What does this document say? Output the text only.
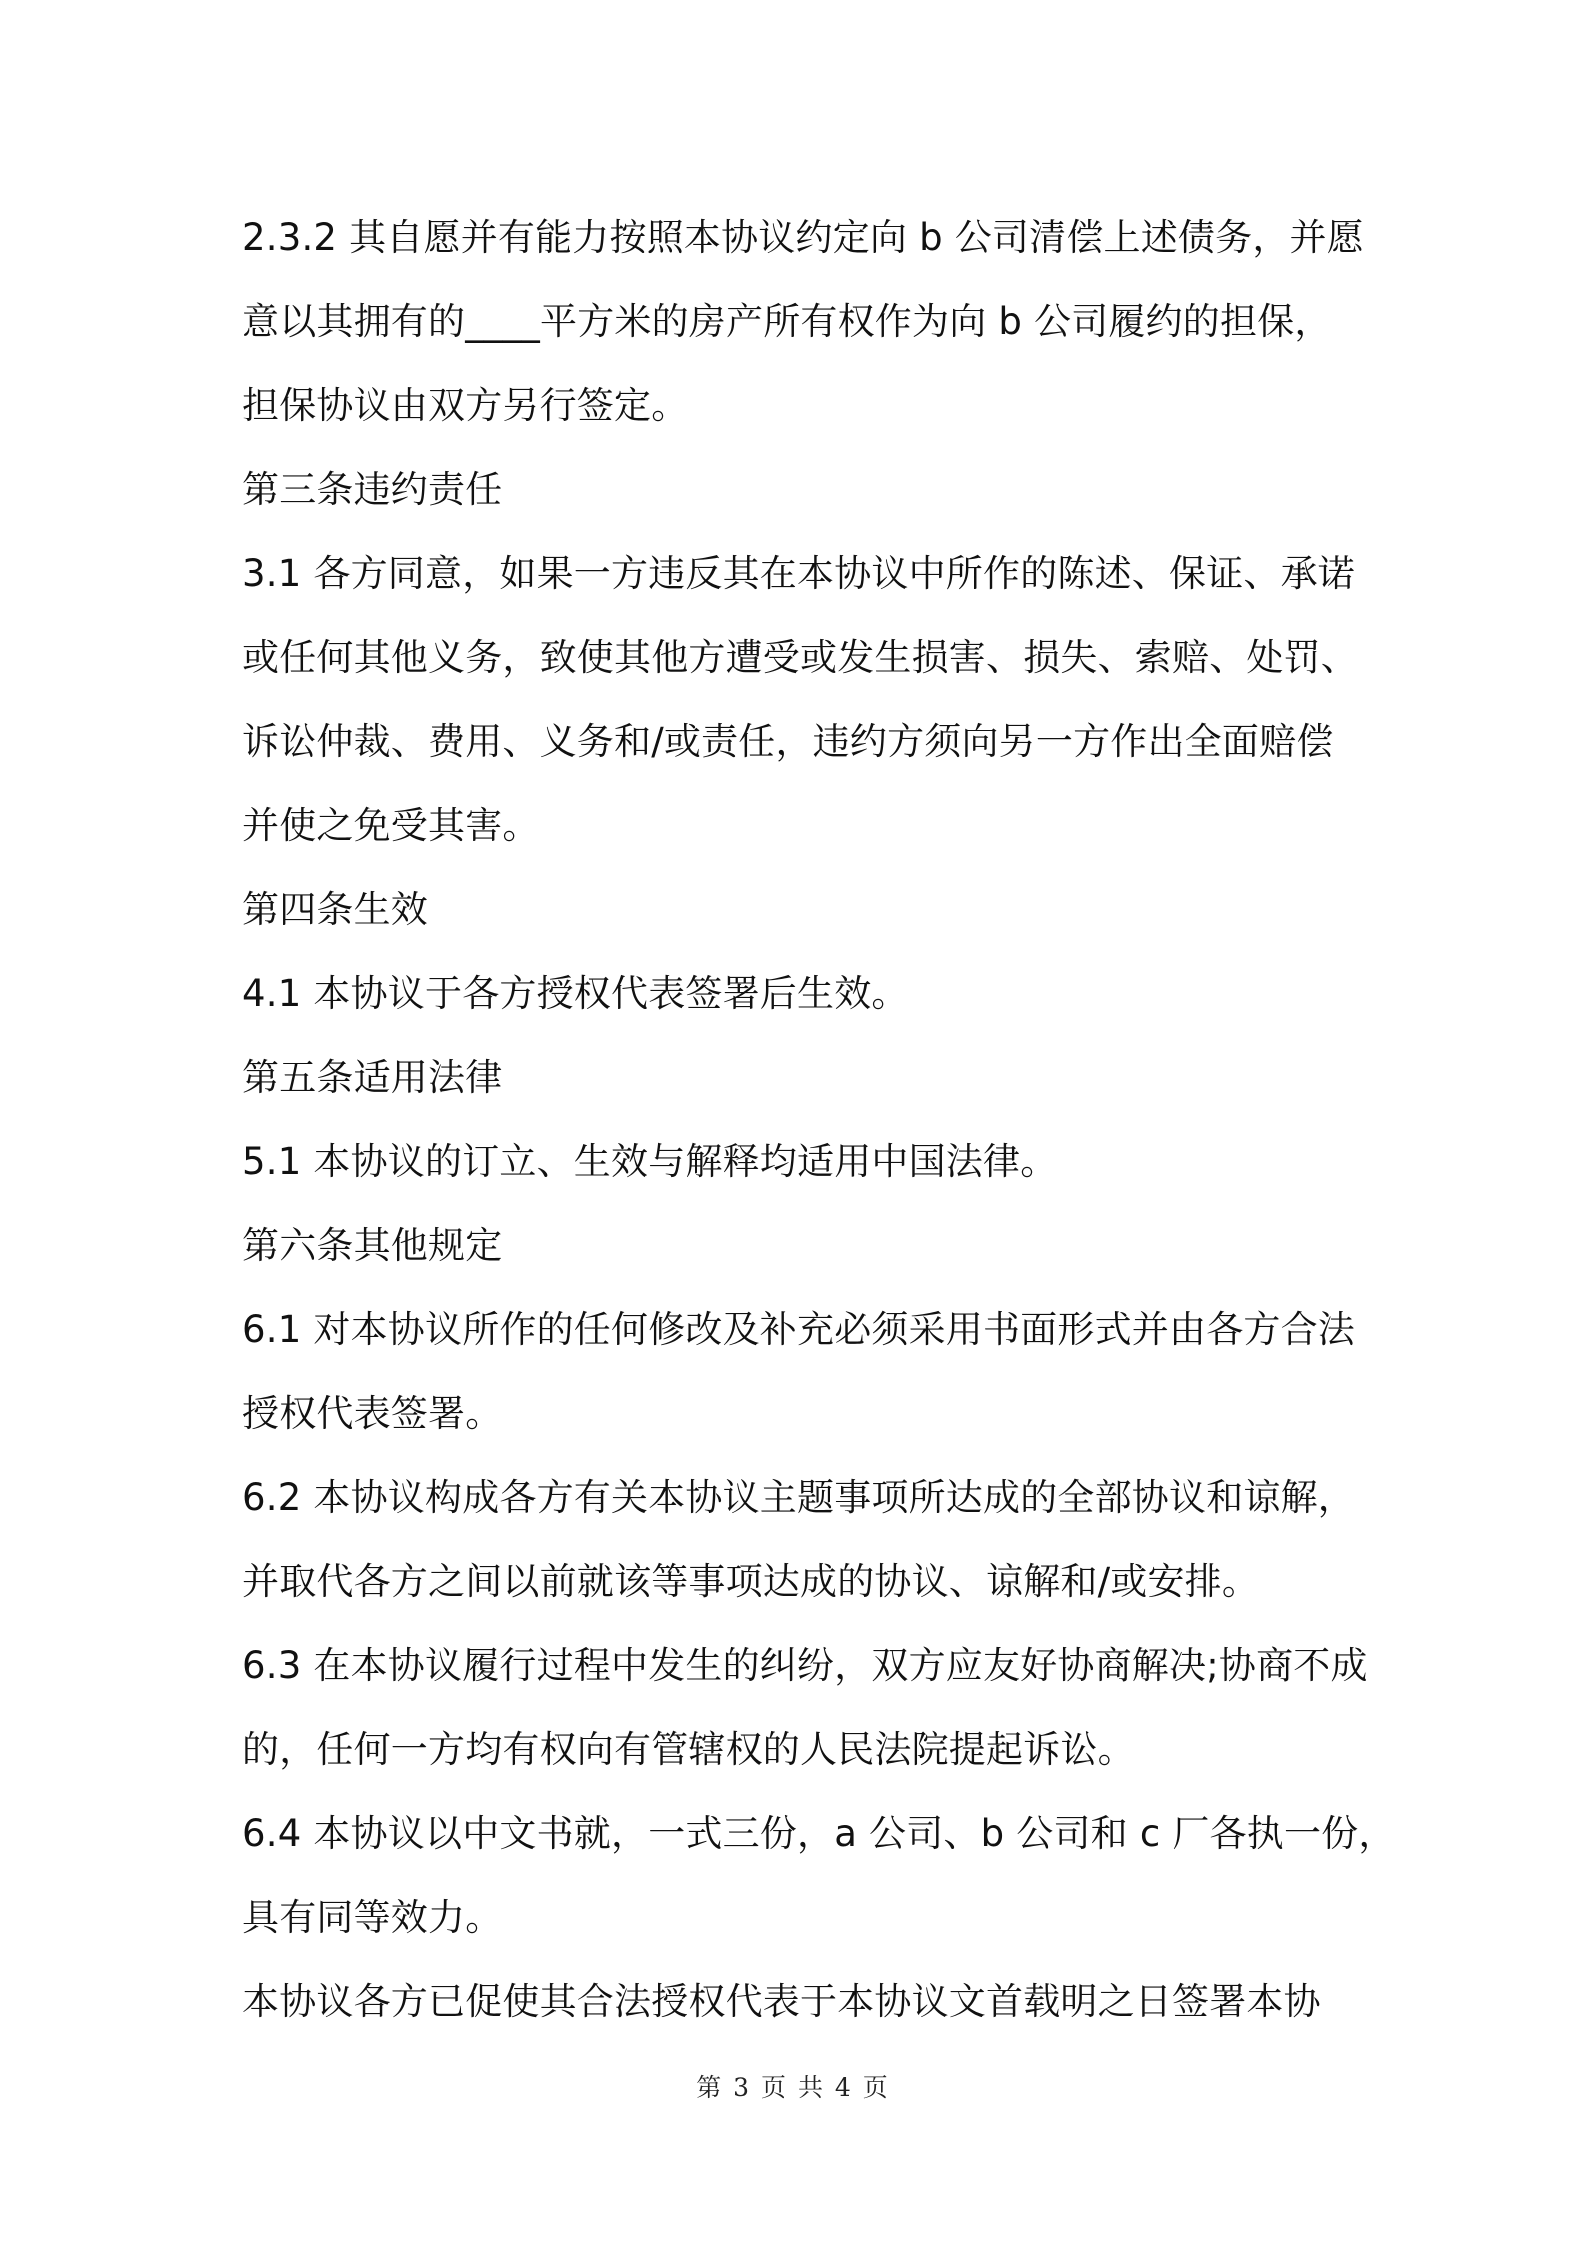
2.3.2 其自愿并有能力按照本协议约定向 b 公司清偿上述债务，并愿
意以其拥有的____平方米的房产所有权作为向 b 公司履约的担保，
担保协议由双方另行签定。
第三条违约责任
3.1 各方同意，如果一方违反其在本协议中所作的陈述、保证、承诺
或任何其他义务，致使其他方遭受或发生损害、损失、索赔、处罚、
诉讼仲裁、费用、义务和/或责任，违约方须向另一方作出全面赔偿
并使之免受其害。
第四条生效
4.1 本协议于各方授权代表签署后生效。
第五条适用法律
5.1 本协议的订立、生效与解释均适用中国法律。
第六条其他规定
6.1 对本协议所作的任何修改及补充必须采用书面形式并由各方合法
授权代表签署。
6.2 本协议构成各方有关本协议主题事项所达成的全部协议和谅解，
并取代各方之间以前就该等事项达成的协议、谅解和/或安排。
6.3 在本协议履行过程中发生的纠纷，双方应友好协商解决;协商不成
的，任何一方均有权向有管辖权的人民法院提起诉讼。
6.4 本协议以中文书就，一式三份，a 公司、b 公司和 c 厂各执一份，
具有同等效力。
本协议各方已促使其合法授权代表于本协议文首载明之日签署本协
第 3 页 共 4 页
